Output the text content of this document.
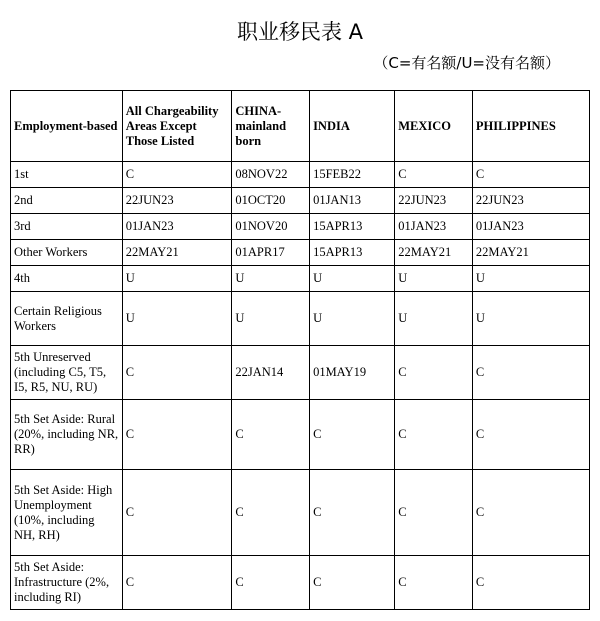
职业移民表 A
（C=有名额/U=没有名额）
Employment-based	All Chargeability Areas Except Those Listed	CHINA-mainland born	INDIA	MEXICO	PHILIPPINES
1st	C	08NOV22	15FEB22	C	C
2nd	22JUN23	01OCT20	01JAN13	22JUN23	22JUN23
3rd	01JAN23	01NOV20	15APR13	01JAN23	01JAN23
Other Workers	22MAY21	01APR17	15APR13	22MAY21	22MAY21
4th	U	U	U	U	U
Certain Religious Workers	U	U	U	U	U
5th Unreserved (including C5, T5, I5, R5, NU, RU)	C	22JAN14	01MAY19	C	C
5th Set Aside: Rural (20%, including NR, RR)	C	C	C	C	C
5th Set Aside: High Unemployment (10%, including NH, RH)	C	C	C	C	C
5th Set Aside: Infrastructure (2%, including RI)	C	C	C	C	C
